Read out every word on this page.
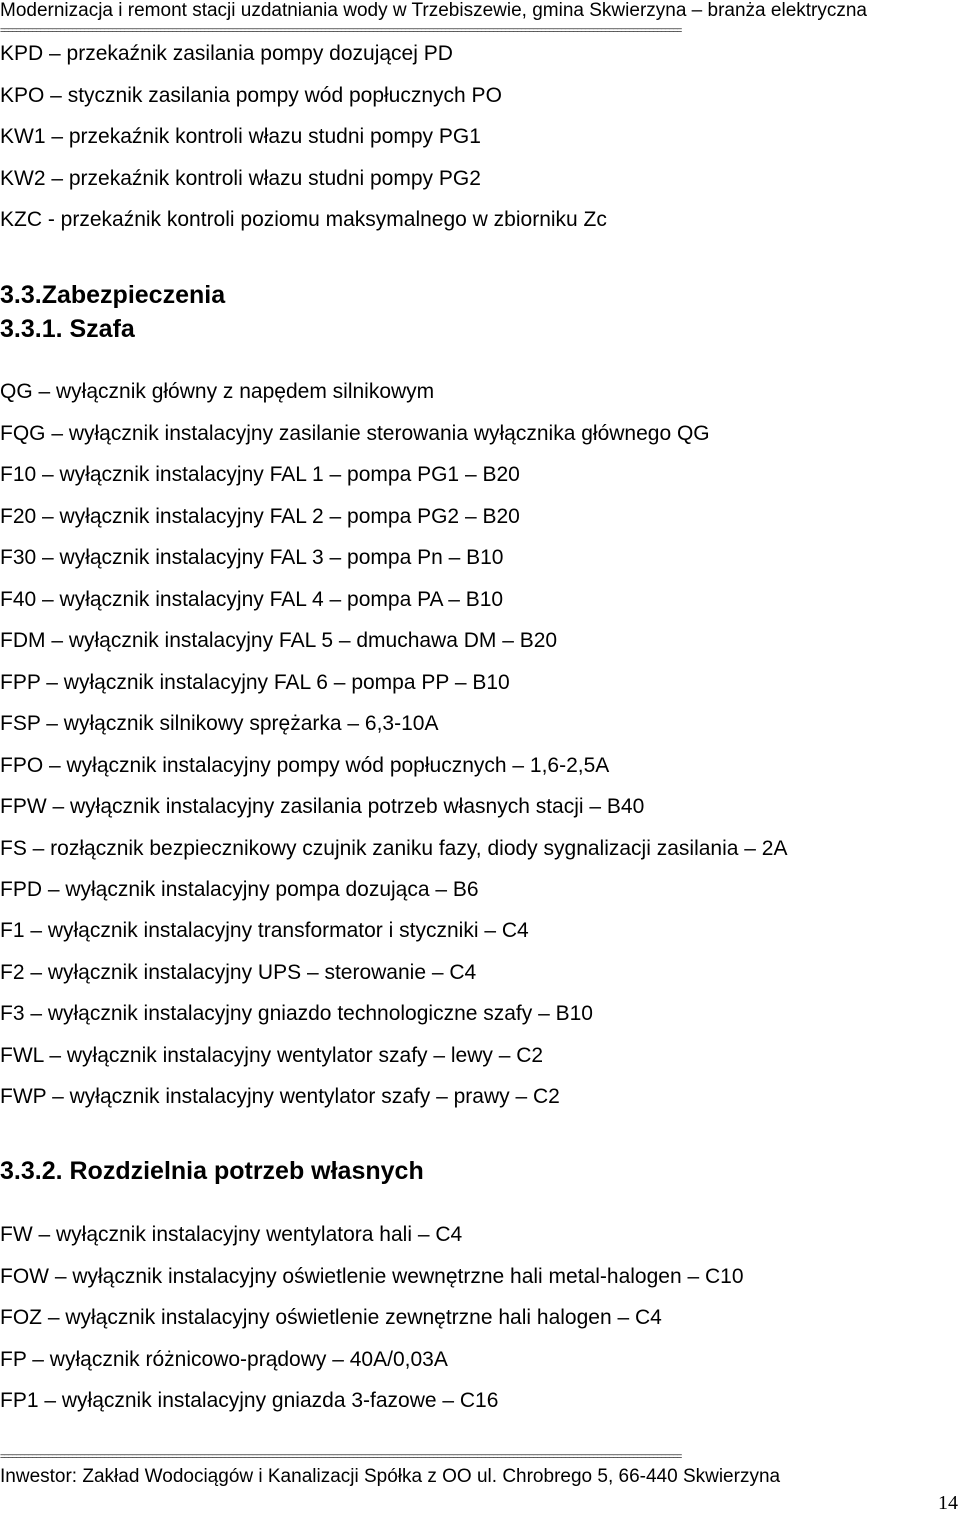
Modernizacja i remont stacji uzdatniania wody w Trzebiszewie, gmina Skwierzyna – branża elektryczna
==========================================================================================================================================================================
KPD – przekaźnik zasilania pompy dozującej PD
KPO – stycznik zasilania pompy wód popłucznych PO
KW1 – przekaźnik kontroli włazu studni pompy PG1
KW2 – przekaźnik kontroli włazu studni pompy PG2
KZC - przekaźnik kontroli poziomu maksymalnego w zbiorniku Zc
3.3.Zabezpieczenia
3.3.1. Szafa
QG – wyłącznik główny z napędem silnikowym
FQG – wyłącznik instalacyjny zasilanie sterowania wyłącznika głównego QG
F10 – wyłącznik instalacyjny FAL 1 – pompa PG1 – B20
F20 – wyłącznik instalacyjny FAL 2 – pompa PG2 – B20
F30 – wyłącznik instalacyjny FAL 3 – pompa Pn – B10
F40 – wyłącznik instalacyjny FAL 4 – pompa PA – B10
FDM – wyłącznik instalacyjny FAL 5 – dmuchawa DM – B20
FPP – wyłącznik instalacyjny FAL 6 – pompa PP – B10
FSP – wyłącznik silnikowy sprężarka – 6,3-10A
FPO – wyłącznik instalacyjny pompy wód popłucznych – 1,6-2,5A
FPW – wyłącznik instalacyjny zasilania potrzeb własnych stacji – B40
FS – rozłącznik bezpiecznikowy czujnik zaniku fazy, diody sygnalizacji zasilania – 2A
FPD – wyłącznik instalacyjny pompa dozująca – B6
F1 – wyłącznik instalacyjny transformator i styczniki – C4
F2 – wyłącznik instalacyjny UPS – sterowanie – C4
F3 – wyłącznik instalacyjny gniazdo technologiczne szafy – B10
FWL – wyłącznik instalacyjny wentylator szafy – lewy – C2
FWP – wyłącznik instalacyjny wentylator szafy – prawy – C2
3.3.2. Rozdzielnia potrzeb własnych
FW – wyłącznik instalacyjny wentylatora hali – C4
FOW – wyłącznik instalacyjny oświetlenie wewnętrzne hali metal-halogen – C10
FOZ – wyłącznik instalacyjny oświetlenie zewnętrzne hali halogen – C4
FP – wyłącznik różnicowo-prądowy – 40A/0,03A
FP1 – wyłącznik instalacyjny gniazda 3-fazowe – C16
==========================================================================================================================================================================
Inwestor: Zakład Wodociągów i Kanalizacji Spółka z OO ul. Chrobrego 5, 66-440 Skwierzyna
14
